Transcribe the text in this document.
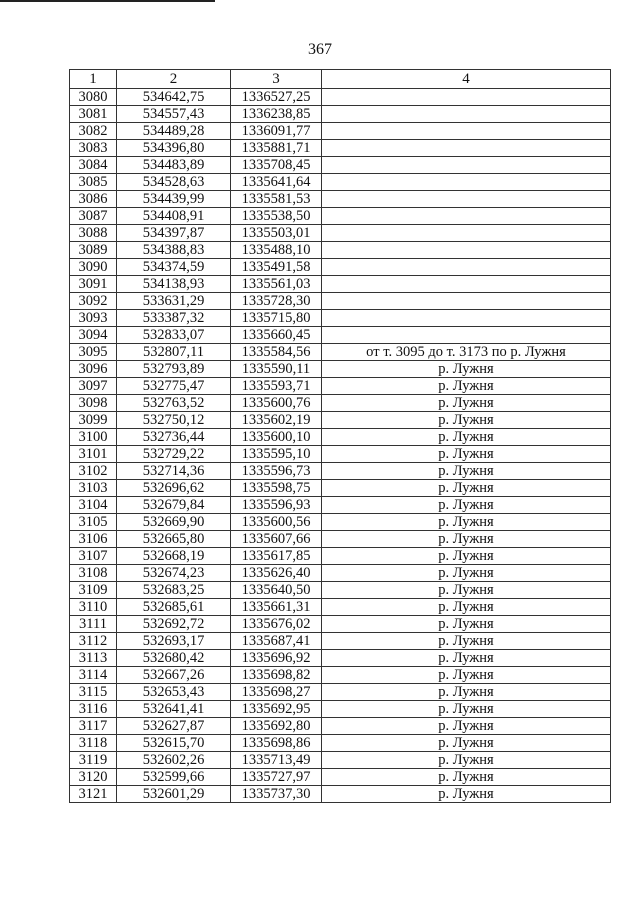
367
1	2	3	4
3080	534642,75	1336527,25	
3081	534557,43	1336238,85	
3082	534489,28	1336091,77	
3083	534396,80	1335881,71	
3084	534483,89	1335708,45	
3085	534528,63	1335641,64	
3086	534439,99	1335581,53	
3087	534408,91	1335538,50	
3088	534397,87	1335503,01	
3089	534388,83	1335488,10	
3090	534374,59	1335491,58	
3091	534138,93	1335561,03	
3092	533631,29	1335728,30	
3093	533387,32	1335715,80	
3094	532833,07	1335660,45	
3095	532807,11	1335584,56	от т. 3095 до т. 3173 по р. Лужня
3096	532793,89	1335590,11	р. Лужня
3097	532775,47	1335593,71	р. Лужня
3098	532763,52	1335600,76	р. Лужня
3099	532750,12	1335602,19	р. Лужня
3100	532736,44	1335600,10	р. Лужня
3101	532729,22	1335595,10	р. Лужня
3102	532714,36	1335596,73	р. Лужня
3103	532696,62	1335598,75	р. Лужня
3104	532679,84	1335596,93	р. Лужня
3105	532669,90	1335600,56	р. Лужня
3106	532665,80	1335607,66	р. Лужня
3107	532668,19	1335617,85	р. Лужня
3108	532674,23	1335626,40	р. Лужня
3109	532683,25	1335640,50	р. Лужня
3110	532685,61	1335661,31	р. Лужня
3111	532692,72	1335676,02	р. Лужня
3112	532693,17	1335687,41	р. Лужня
3113	532680,42	1335696,92	р. Лужня
3114	532667,26	1335698,82	р. Лужня
3115	532653,43	1335698,27	р. Лужня
3116	532641,41	1335692,95	р. Лужня
3117	532627,87	1335692,80	р. Лужня
3118	532615,70	1335698,86	р. Лужня
3119	532602,26	1335713,49	р. Лужня
3120	532599,66	1335727,97	р. Лужня
3121	532601,29	1335737,30	р. Лужня
